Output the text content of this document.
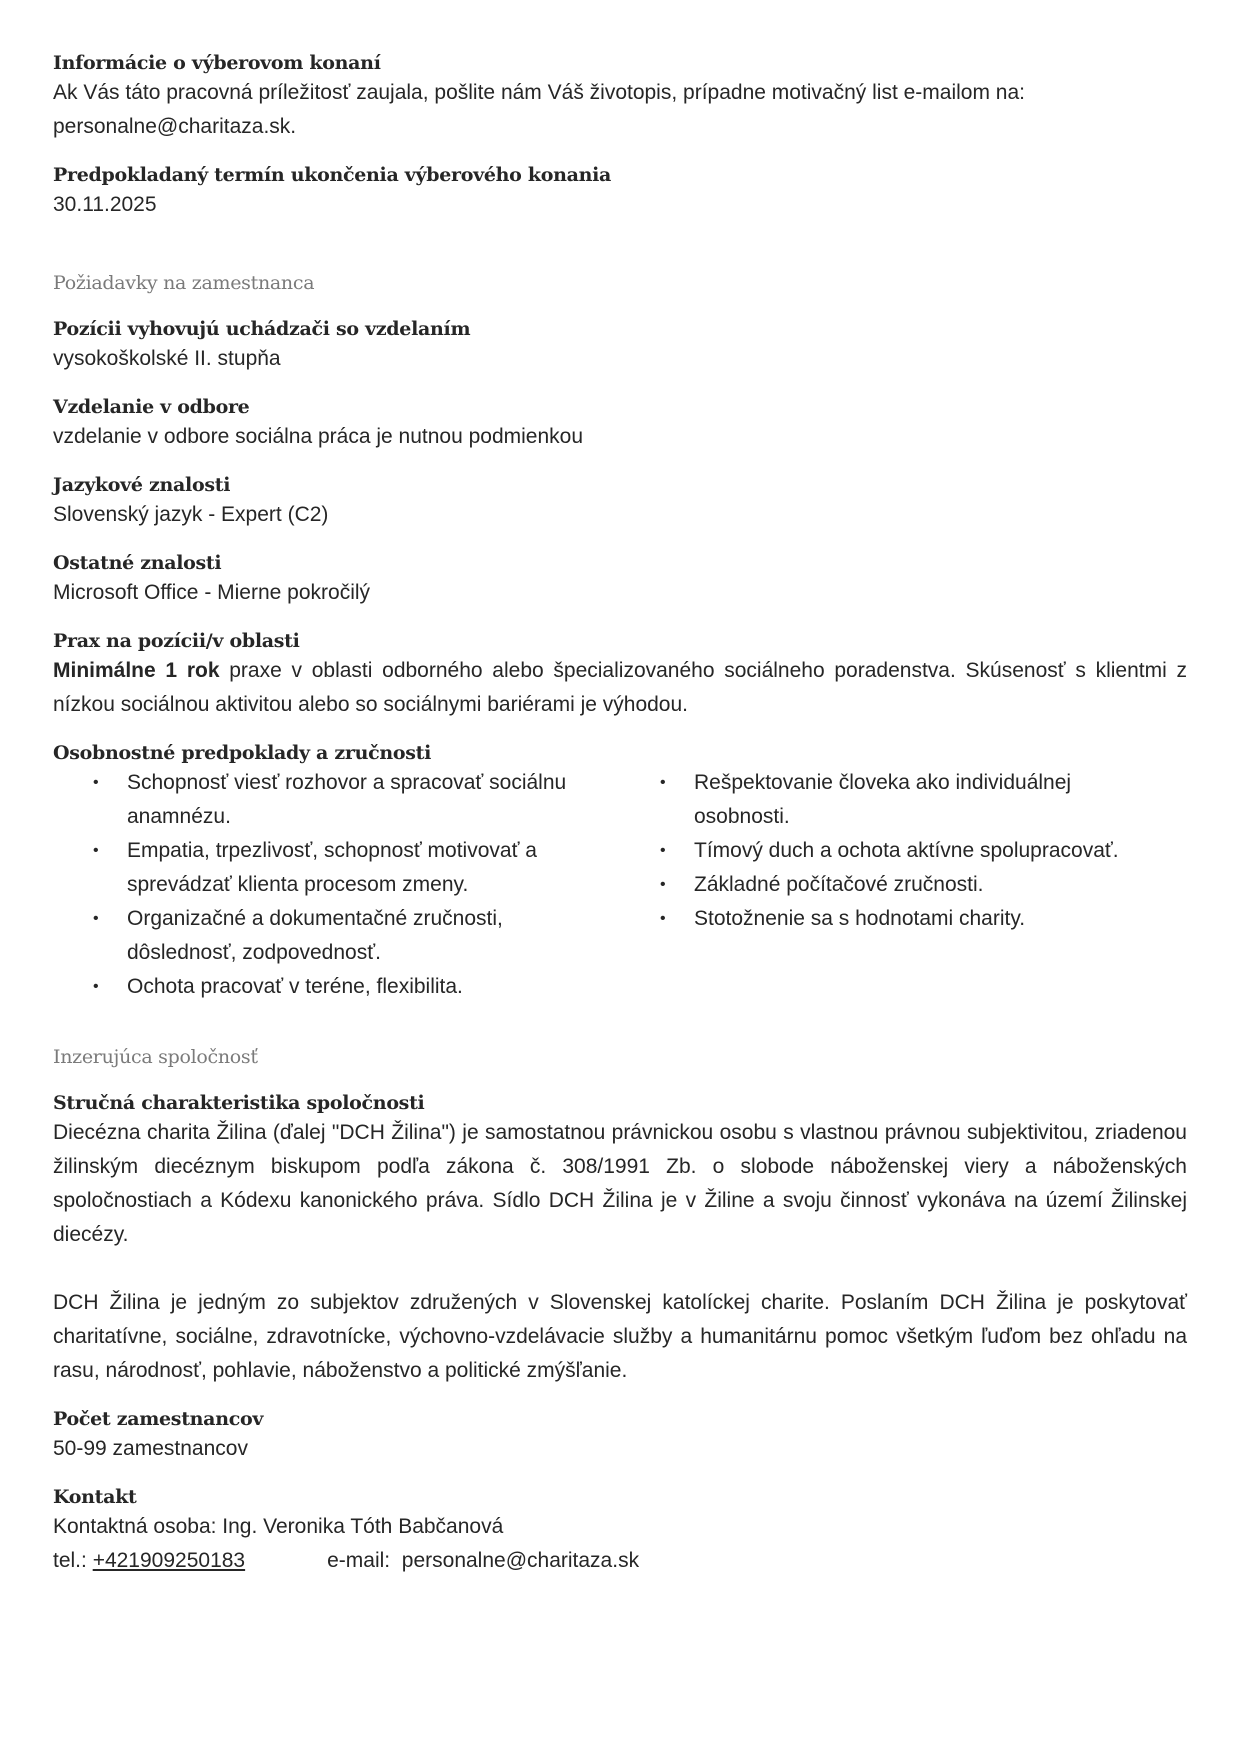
Informácie o výberovom konaní
Ak Vás táto pracovná príležitosť zaujala, pošlite nám Váš životopis, prípadne motivačný list e-mailom na: personalne@charitaza.sk.
Predpokladaný termín ukončenia výberového konania
30.11.2025
Požiadavky na zamestnanca
Pozícii vyhovujú uchádzači so vzdelaním
vysokoškolské II. stupňa
Vzdelanie v odbore
vzdelanie v odbore sociálna práca je nutnou podmienkou
Jazykové znalosti
Slovenský jazyk - Expert (C2)
Ostatné znalosti
Microsoft Office - Mierne pokročilý
Prax na pozícii/v oblasti
Minimálne 1 rok praxe v oblasti odborného alebo špecializovaného sociálneho poradenstva. Skúsenosť s klientmi z nízkou sociálnou aktivitou alebo so sociálnymi bariérami je výhodou.
Osobnostné predpoklady a zručnosti
• Schopnosť viesť rozhovor a spracovať sociálnu anamnézu.
• Empatia, trpezlivosť, schopnosť motivovať a sprevádzať klienta procesom zmeny.
• Organizačné a dokumentačné zručnosti, dôslednosť, zodpovednosť.
• Ochota pracovať v teréne, flexibilita.
• Rešpektovanie človeka ako individuálnej osobnosti.
• Tímový duch a ochota aktívne spolupracovať.
• Základné počítačové zručnosti.
• Stotožnenie sa s hodnotami charity.
Inzerujúca spoločnosť
Stručná charakteristika spoločnosti
Diecézna charita Žilina (ďalej "DCH Žilina") je samostatnou právnickou osobu s vlastnou právnou subjektivitou, zriadenou žilinským diecéznym biskupom podľa zákona č. 308/1991 Zb. o slobode náboženskej viery a náboženských spoločnostiach a Kódexu kanonického práva. Sídlo DCH Žilina je v Žiline a svoju činnosť vykonáva na území Žilinskej diecézy.
DCH Žilina je jedným zo subjektov združených v Slovenskej katolíckej charite. Poslaním DCH Žilina je poskytovať charitatívne, sociálne, zdravotnícke, výchovno-vzdelávacie služby a humanitárnu pomoc všetkým ľuďom bez ohľadu na rasu, národnosť, pohlavie, náboženstvo a politické zmýšľanie.
Počet zamestnancov
50-99 zamestnancov
Kontakt
Kontaktná osoba: Ing. Veronika Tóth Babčanová
tel.: +421909250183	e-mail:  personalne@charitaza.sk
